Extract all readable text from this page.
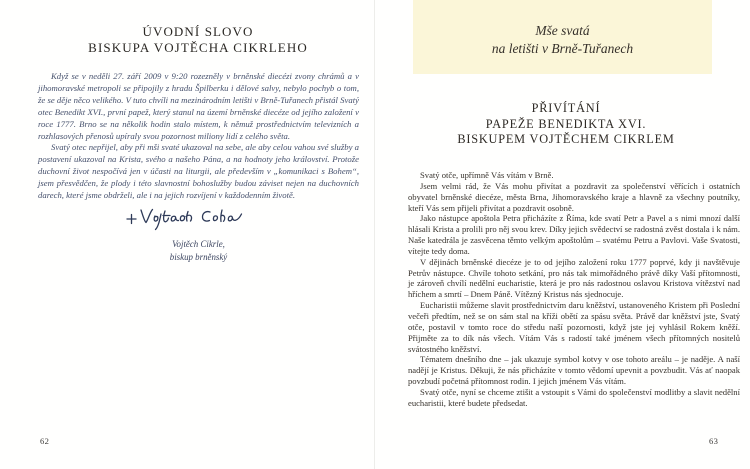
ÚVODNÍ SLOVO
BISKUPA VOJTĚCHA CIKRLEHO

Když se v neděli 27. září 2009 v 9:20 rozezněly v brněnské diecézi zvony chrámů a v jihomoravské metropoli se připojily z hradu Špilberku i dělové salvy, nebylo pochyb o tom, že se děje něco velikého. V tuto chvíli na mezinárodním letišti v Brně-Tuřanech přistál Svatý otec Benedikt XVI., první papež, který stanul na území brněnské diecéze od jejího založení v roce 1777. Brno se na několik hodin stalo místem, k němuž prostřednictvím televizních a rozhlasových přenosů upíraly svou pozornost miliony lidí z celého světa.

Svatý otec nepřijel, aby při mši svaté ukazoval na sebe, ale aby celou vahou své služby a postavení ukazoval na Krista, svého a našeho Pána, a na hodnoty jeho království. Protože duchovní život nespočívá jen v účasti na liturgii, ale především v „komunikaci s Bohem“, jsem přesvědčen, že plody i této slavnostní bohoslužby budou záviset nejen na duchovních darech, které jsme obdrželi, ale i na jejich rozvíjení v každodenním životě.

Vojtěch Cikrle,
biskup brněnský
62
Mše svatá
na letišti v Brně-Tuřanech
PŘIVÍTÁNÍ
PAPEŽE BENEDIKTA XVI.
BISKUPEM VOJTĚCHEM CIKRLEM

Svatý otče, upřímně Vás vítám v Brně.

Jsem velmi rád, že Vás mohu přivítat a pozdravit za společenství věřících i ostatních obyvatel brněnské diecéze, města Brna, Jihomoravského kraje a hlavně za všechny poutníky, kteří Vás sem přijeli přivítat a pozdravit osobně.

Jako nástupce apoštola Petra přicházíte z Říma, kde svatí Petr a Pavel a s nimi mnozí další hlásali Krista a prolili pro něj svou krev. Díky jejich svědectví se radostná zvěst dostala i k nám. Naše katedrála je zasvěcena těmto velkým apoštolům – svatému Petru a Pavlovi. Vaše Svatosti, vítejte tedy doma.

V dějinách brněnské diecéze je to od jejího založení roku 1777 poprvé, kdy ji navštěvuje Petrův nástupce. Chvíle tohoto setkání, pro nás tak mimořádného právě díky Vaší přítomnosti, je zároveň chvílí nedělní eucharistie, která je pro nás radostnou oslavou Kristova vítězství nad hříchem a smrtí – Dnem Páně. Vítězný Kristus nás sjednocuje.

Eucharistii můžeme slavit prostřednictvím daru kněžství, ustanoveného Kristem při Poslední večeři předtím, než se on sám stal na kříži obětí za spásu světa. Právě dar kněžství jste, Svatý otče, postavil v tomto roce do středu naší pozornosti, když jste jej vyhlásil Rokem kněží. Přijměte za to dík nás všech. Vítám Vás s radostí také jménem všech přítomných nositelů svátostného kněžství.

Tématem dnešního dne – jak ukazuje symbol kotvy v ose tohoto areálu – je naděje. A naší nadějí je Kristus. Děkuji, že nás přicházíte v tomto vědomí upevnit a povzbudit. Vás ať naopak povzbudí početná přítomnost rodin. I jejich jménem Vás vítám.

Svatý otče, nyní se chceme ztišit a vstoupit s Vámi do společenství modlitby a slavit nedělní eucharistii, které budete předsedat.

63
